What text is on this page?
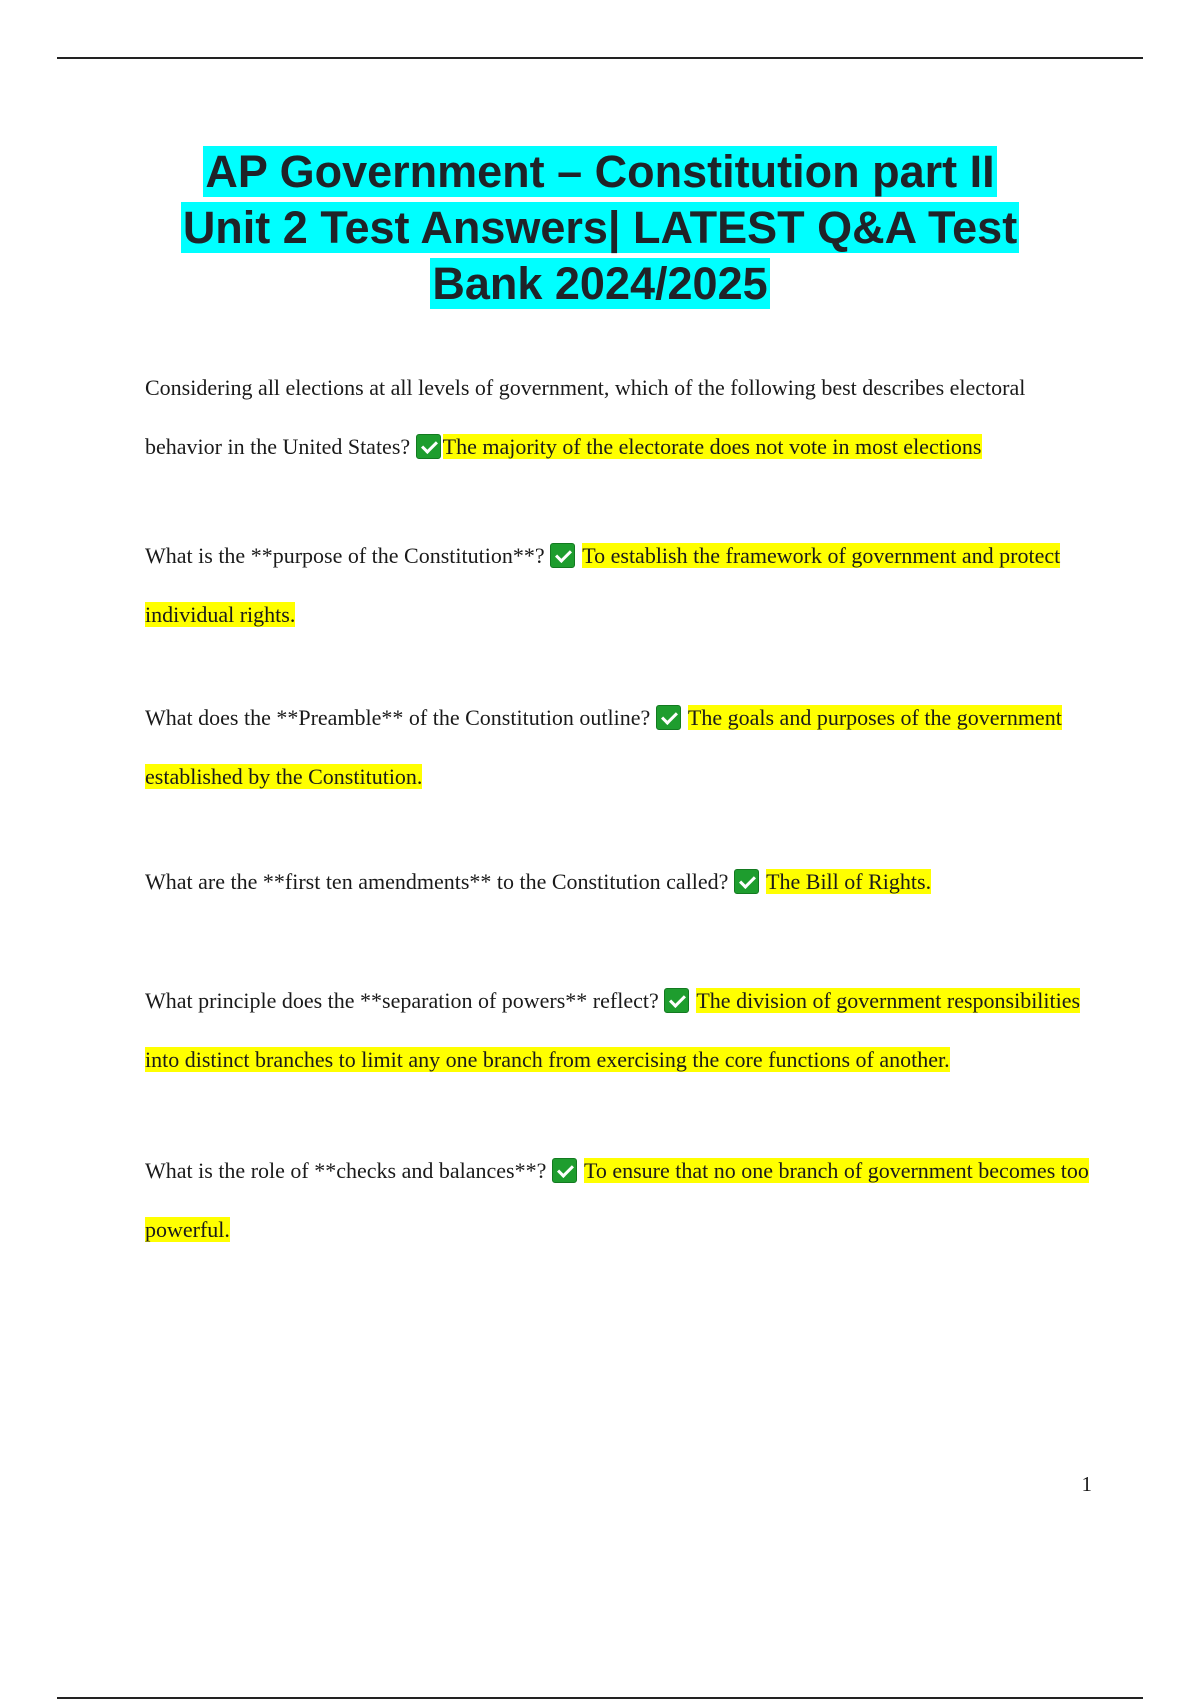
AP Government – Constitution part II
Unit 2 Test Answers| LATEST Q&A Test
Bank 2024/2025

Considering all elections at all levels of government, which of the following best describes electoral behavior in the United States? The majority of the electorate does not vote in most elections

What is the **purpose of the Constitution**? To establish the framework of government and protect individual rights.

What does the **Preamble** of the Constitution outline? The goals and purposes of the government established by the Constitution.

What are the **first ten amendments** to the Constitution called? The Bill of Rights.

What principle does the **separation of powers** reflect? The division of government responsibilities into distinct branches to limit any one branch from exercising the core functions of another.

What is the role of **checks and balances**? To ensure that no one branch of government becomes too powerful.

1
